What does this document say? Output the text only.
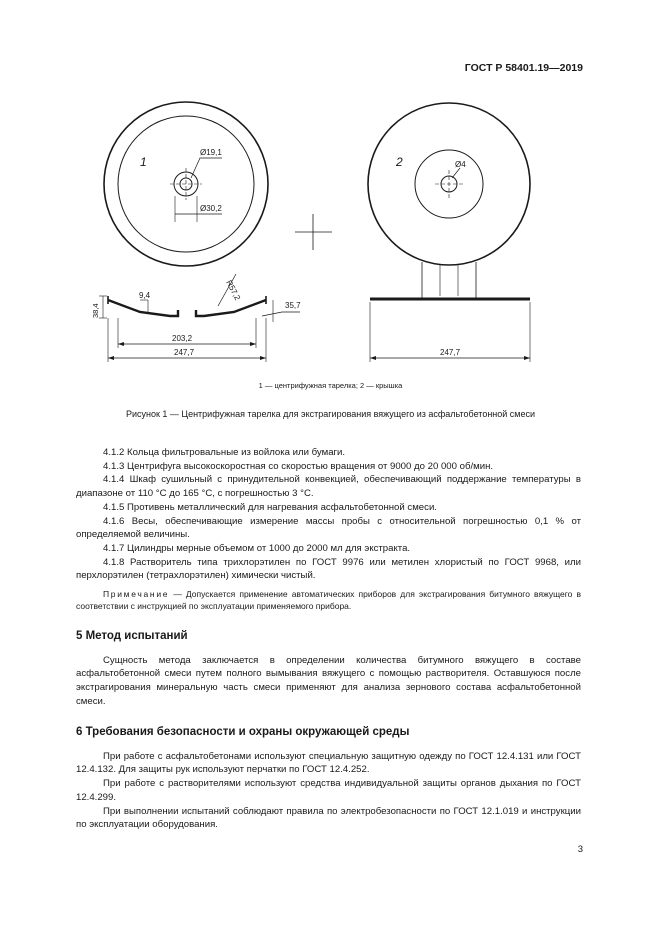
ГОСТ Р 58401.19—2019
1	2
Ø19,1
Ø30,2
Ø4
R57,2
38,4
9,4
35,7
203,2
247,7	247,7
1 — центрифужная тарелка; 2 — крышка
Рисунок 1 — Центрифужная тарелка для экстрагирования вяжущего из асфальтобетонной смеси

4.1.2 Кольца фильтровальные из войлока или бумаги.

4.1.3 Центрифуга высокоскоростная со скоростью вращения от 9000 до 20 000 об/мин.

4.1.4 Шкаф сушильный с принудительной конвекцией, обеспечивающий поддержание температуры в диапазоне от 110 °С до 165 °С, с погрешностью 3 °С.

4.1.5 Противень металлический для нагревания асфальтобетонной смеси.

4.1.6 Весы, обеспечивающие измерение массы пробы с относительной погрешностью 0,1 % от определяемой величины.

4.1.7 Цилиндры мерные объемом от 1000 до 2000 мл для экстракта.

4.1.8 Растворитель типа трихлорэтилен по ГОСТ 9976 или метилен хлористый по ГОСТ 9968, или перхлорэтилен (тетрахлорэтилен) химически чистый.

Примечание — Допускается применение автоматических приборов для экстрагирования битумного вяжущего в соответствии с инструкцией по эксплуатации применяемого прибора.

5 Метод испытаний

Сущность метода заключается в определении количества битумного вяжущего в составе асфальтобетонной смеси путем полного вымывания вяжущего с помощью растворителя. Оставшуюся после экстрагирования минеральную часть смеси применяют для анализа зернового состава асфальтобетонной смеси.

6 Требования безопасности и охраны окружающей среды

При работе с асфальтобетонами используют специальную защитную одежду по ГОСТ 12.4.131 или ГОСТ 12.4.132. Для защиты рук используют перчатки по ГОСТ 12.4.252.

При работе с растворителями используют средства индивидуальной защиты органов дыхания по ГОСТ 12.4.299.

При выполнении испытаний соблюдают правила по электробезопасности по ГОСТ 12.1.019 и инструкции по эксплуатации оборудования.

3
